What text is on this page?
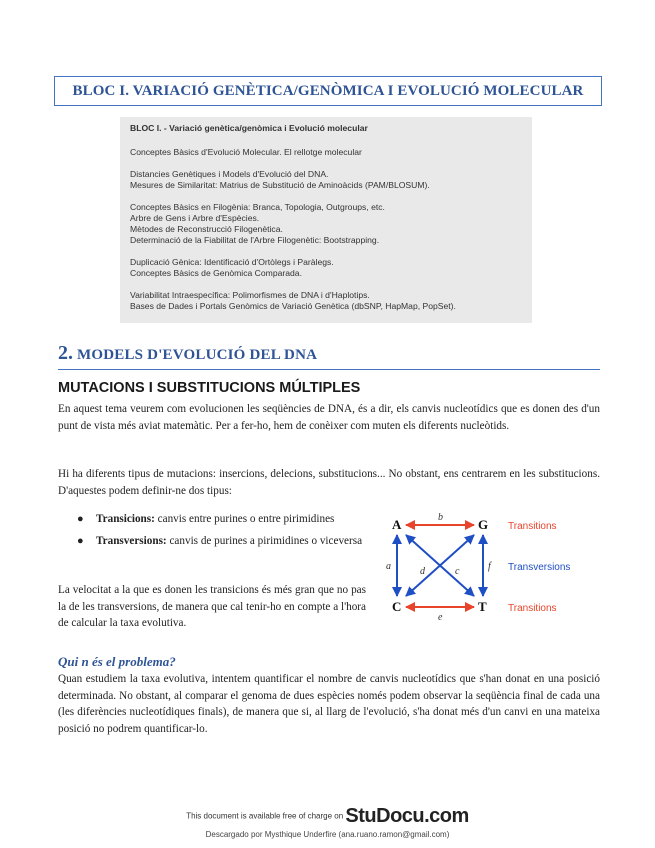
BLOC I. VARIACIÓ GENÈTICA/GENÒMICA I EVOLUCIÓ MOLECULAR
BLOC I. - Variació genètica/genòmica i Evolució molecular
Conceptes Bàsics d'Evolució Molecular. El rellotge molecular
Distancies Genètiques i Models d'Evolució del DNA.
Mesures de Similaritat: Matrius de Substitució de Aminoàcids (PAM/BLOSUM).
Conceptes Bàsics en Filogènia: Branca, Topologia, Outgroups, etc.
Arbre de Gens i Arbre d'Espècies.
Mètodes de Reconstrucció Filogenètica.
Determinació de la Fiabilitat de l'Arbre Filogenètic: Bootstrapping.
Duplicació Gènica: Identificació d'Ortòlegs i Paràlegs.
Conceptes Bàsics de Genòmica Comparada.
Variabilitat Intraespecífica: Polimorfismes de DNA i d'Haplotips.
Bases de Dades i Portals Genòmics de Variació Genètica (dbSNP, HapMap, PopSet).
2. MODELS D'EVOLUCIÓ DEL DNA
MUTACIONS I SUBSTITUCIONS MÚLTIPLES
En aquest tema veurem com evolucionen les seqüències de DNA, és a dir, els canvis nucleotídics que es donen des d'un punt de vista més aviat matemàtic. Per a fer-ho, hem de conèixer com muten els diferents nucleòtids.
Hi ha diferents tipus de mutacions: insercions, delecions, substitucions... No obstant, ens centrarem en les substitucions. D'aquestes podem definir-ne dos tipus:
● Transicions: canvis entre purines o entre pirimidines
● Transversions: canvis de purines a pirimidines o viceversa
La velocitat a la que es donen les transicions és més gran que no pas la de les transversions, de manera que cal tenir-ho en compte a l'hora de calcular la taxa evolutiva.
A	G
C	T
b
a	d	c	f
e
Transitions
Transversions
Transitions
Qui n és el problema?
Quan estudiem la taxa evolutiva, intentem quantificar el nombre de canvis nucleotídics que s'han donat en una posició determinada. No obstant, al comparar el genoma de dues espècies només podem observar la seqüència final de cada una (les diferències nucleotídiques finals), de manera que si, al llarg de l'evolució, s'ha donat més d'un canvi en una mateixa posició no podrem quantificar-lo.
This document is available free of charge on StuDocu.com
Descargado por Mysthique Underfire (ana.ruano.ramon@gmail.com)
